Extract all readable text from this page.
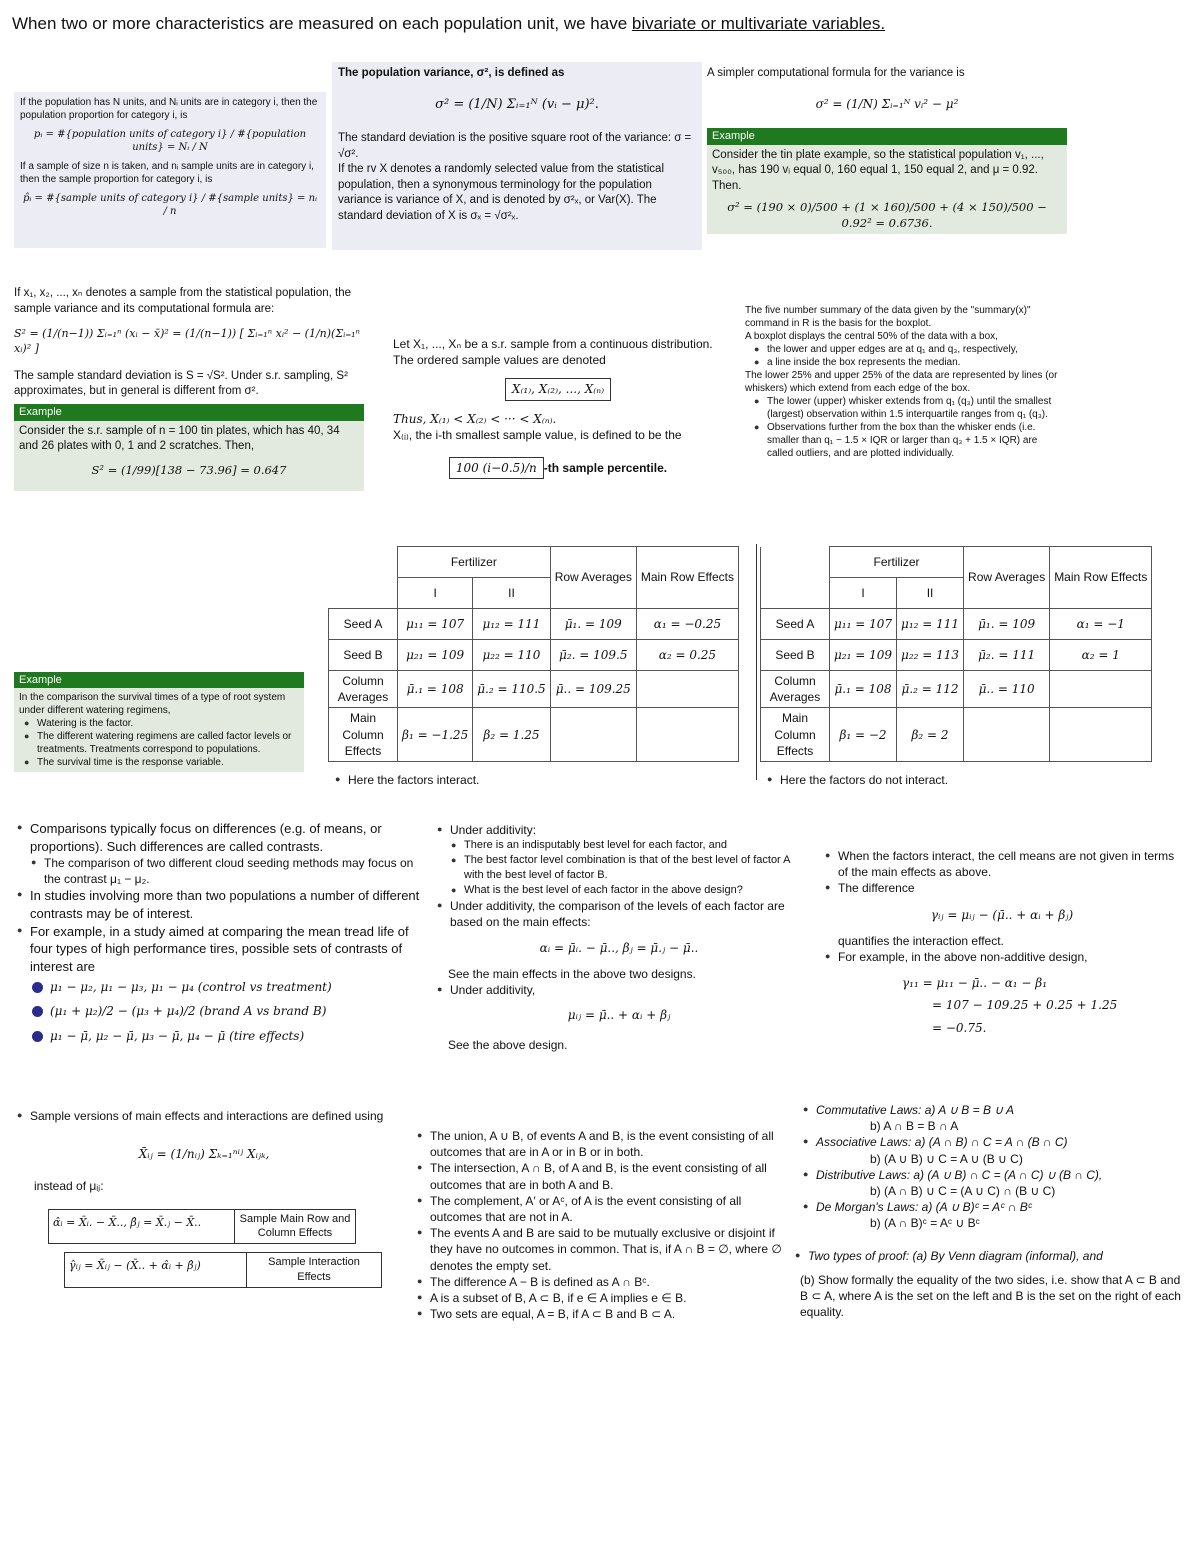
When two or more characteristics are measured on each population unit, we have bivariate or multivariate variables.
If the population has N units, and Nᵢ units are in category i, then the population proportion for category i, is
pᵢ = #{population units of category i} / #{population units} = Nᵢ / N
If a sample of size n is taken, and nᵢ sample units are in category i, then the sample proportion for category i, is
p̂ᵢ = #{sample units of category i} / #{sample units} = nᵢ / n
The population variance, σ², is defined as
σ² = (1/N) Σᵢ₌₁ᴺ (vᵢ − μ)².
The standard deviation is the positive square root of the variance: σ = √σ².
If the rv X denotes a randomly selected value from the statistical population, then a synonymous terminology for the population variance is variance of X, and is denoted by σ²ₓ, or Var(X). The standard deviation of X is σₓ = √σ²ₓ.
A simpler computational formula for the variance is
σ² = (1/N) Σᵢ₌₁ᴺ vᵢ² − μ²
Example
Consider the tin plate example, so the statistical population v₁, ..., v₅₀₀, has 190 vᵢ equal 0, 160 equal 1, 150 equal 2, and μ = 0.92. Then.
σ² = (190 × 0)/500 + (1 × 160)/500 + (4 × 150)/500 − 0.92² = 0.6736.
If x₁, x₂, ..., xₙ denotes a sample from the statistical population, the sample variance and its computational formula are:
S² = (1/(n−1)) Σᵢ₌₁ⁿ (xᵢ − x̄)² = (1/(n−1)) [ Σᵢ₌₁ⁿ xᵢ² − (1/n)(Σᵢ₌₁ⁿ xᵢ)² ]
The sample standard deviation is S = √S². Under s.r. sampling, S² approximates, but in general is different from σ².
Example
Consider the s.r. sample of n = 100 tin plates, which has 40, 34 and 26 plates with 0, 1 and 2 scratches. Then,
S² = (1/99)[138 − 73.96] = 0.647
Let X₁, ..., Xₙ be a s.r. sample from a continuous distribution. The ordered sample values are denoted
X₍₁₎, X₍₂₎, ..., X₍ₙ₎
Thus, X₍₁₎ < X₍₂₎ < ··· < X₍ₙ₎.
X₍ᵢ₎, the i-th smallest sample value, is defined to be the
100 (i−0.5)/n -th sample percentile.
The five number summary of the data given by the "summary(x)" command in R is the basis for the boxplot.
A boxplot displays the central 50% of the data with a box,
● the lower and upper edges are at q₁ and q₃, respectively,
● a line inside the box represents the median.
The lower 25% and upper 25% of the data are represented by lines (or whiskers) which extend from each edge of the box.
● The lower (upper) whisker extends from q₁ (q₃) until the smallest (largest) observation within 1.5 interquartile ranges from q₁ (q₃).
● Observations further from the box than the whisker ends (i.e. smaller than q₁ − 1.5 × IQR or larger than q₃ + 1.5 × IQR) are called outliers, and are plotted individually.
Example
In the comparison the survival times of a type of root system under different watering regimens,
● Watering is the factor.
● The different watering regimens are called factor levels or treatments. Treatments correspond to populations.
● The survival time is the response variable.
	Fertilizer		Row Averages	Main Row Effects
	I	II		
Seed A	μ₁₁ = 107	μ₁₂ = 111	μ̄₁. = 109	α₁ = −0.25
Seed B	μ₂₁ = 109	μ₂₂ = 110	μ̄₂. = 109.5	α₂ = 0.25
Column Averages	μ̄.₁ = 108	μ̄.₂ = 110.5	μ̄.. = 109.25	
Main Column Effects	β₁ = −1.25	β₂ = 1.25		
● Here the factors interact.
	Fertilizer		Row Averages	Main Row Effects
	I	II		
Seed A	μ₁₁ = 107	μ₁₂ = 111	μ̄₁. = 109	α₁ = −1
Seed B	μ₂₁ = 109	μ₂₂ = 113	μ̄₂. = 111	α₂ = 1
Column Averages	μ̄.₁ = 108	μ̄.₂ = 112	μ̄.. = 110	
Main Column Effects	β₁ = −2	β₂ = 2		
● Here the factors do not interact.
● Comparisons typically focus on differences (e.g. of means, or proportions). Such differences are called contrasts.
● The comparison of two different cloud seeding methods may focus on the contrast μ₁ − μ₂.
● In studies involving more than two populations a number of different contrasts may be of interest.
● For example, in a study aimed at comparing the mean tread life of four types of high performance tires, possible sets of contrasts of interest are
μ₁ − μ₂, μ₁ − μ₃, μ₁ − μ₄ (control vs treatment)
(μ₁ + μ₂)/2 − (μ₃ + μ₄)/2 (brand A vs brand B)
μ₁ − μ̄, μ₂ − μ̄, μ₃ − μ̄, μ₄ − μ̄ (tire effects)
● Under additivity:
● There is an indisputably best level for each factor, and
● The best factor level combination is that of the best level of factor A with the best level of factor B.
● What is the best level of each factor in the above design?
● Under additivity, the comparison of the levels of each factor are based on the main effects:
αᵢ = μ̄ᵢ. − μ̄.., βⱼ = μ̄.ⱼ − μ̄..
See the main effects in the above two designs.
● Under additivity,
μᵢⱼ = μ̄.. + αᵢ + βⱼ
See the above design.
● When the factors interact, the cell means are not given in terms of the main effects as above.
● The difference
γᵢⱼ = μᵢⱼ − (μ̄.. + αᵢ + βⱼ)
quantifies the interaction effect.
● For example, in the above non-additive design,
γ₁₁ = μ₁₁ − μ̄.. − α₁ − β₁
= 107 − 109.25 + 0.25 + 1.25
= −0.75.
● Sample versions of main effects and interactions are defined using
X̄ᵢⱼ = (1/nᵢⱼ) Σₖ₌₁ⁿⁱʲ Xᵢⱼₖ,
instead of μᵢⱼ:
α̂ᵢ = X̄ᵢ. − X̄.., β̂ⱼ = X̄.ⱼ − X̄..	Sample Main Row and Column Effects
γ̂ᵢⱼ = X̄ᵢⱼ − (X̄.. + α̂ᵢ + β̂ⱼ)	Sample Interaction Effects
● The union, A ∪ B, of events A and B, is the event consisting of all outcomes that are in A or in B or in both.
● The intersection, A ∩ B, of A and B, is the event consisting of all outcomes that are in both A and B.
● The complement, A′ or Aᶜ, of A is the event consisting of all outcomes that are not in A.
● The events A and B are said to be mutually exclusive or disjoint if they have no outcomes in common. That is, if A ∩ B = ∅, where ∅ denotes the empty set.
● The difference A − B is defined as A ∩ Bᶜ.
● A is a subset of B, A ⊂ B, if e ∈ A implies e ∈ B.
● Two sets are equal, A = B, if A ⊂ B and B ⊂ A.
● Commutative Laws: a) A ∪ B = B ∪ A
b) A ∩ B = B ∩ A
● Associative Laws: a) (A ∩ B) ∩ C = A ∩ (B ∩ C)
b) (A ∪ B) ∪ C = A ∪ (B ∪ C)
● Distributive Laws: a) (A ∪ B) ∩ C = (A ∩ C) ∪ (B ∩ C),
b) (A ∩ B) ∪ C = (A ∪ C) ∩ (B ∪ C)
● De Morgan's Laws: a) (A ∪ B)ᶜ = Aᶜ ∩ Bᶜ
b) (A ∩ B)ᶜ = Aᶜ ∪ Bᶜ
● Two types of proof: (a) By Venn diagram (informal), and
(b) Show formally the equality of the two sides, i.e. show that A ⊂ B and B ⊂ A, where A is the set on the left and B is the set on the right of each equality.
